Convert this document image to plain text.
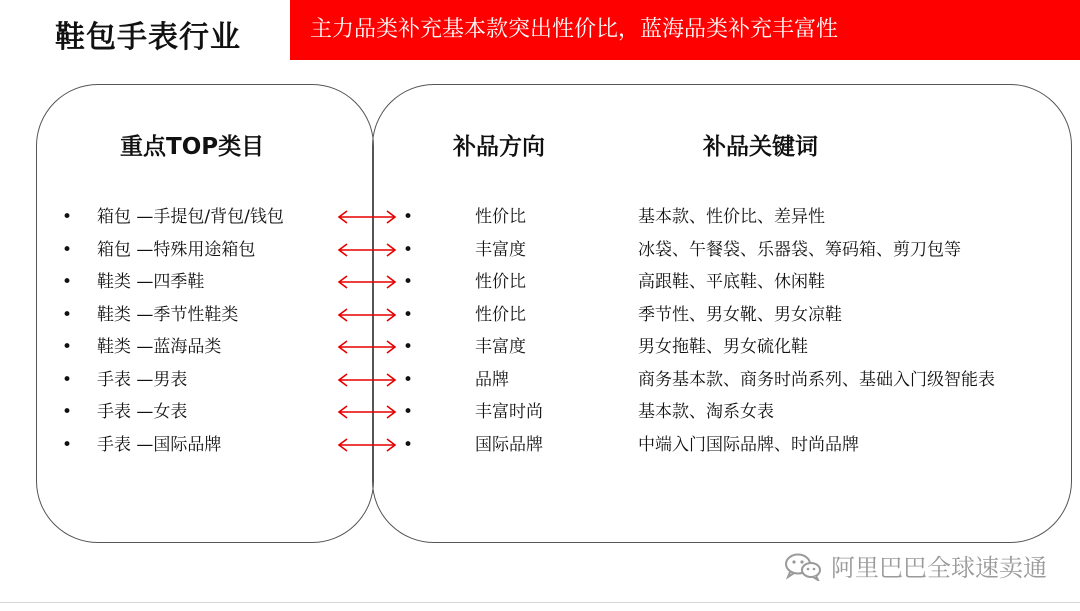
鞋包手表行业	主力品类补充基本款突出性价比，蓝海品类补充丰富性
重点TOP类目	补品方向	补品关键词
• 箱包 —手提包/背包/钱包	•	性价比	基本款、性价比、差异性
• 箱包 —特殊用途箱包	•	丰富度	冰袋、午餐袋、乐器袋、筹码箱、剪刀包等
• 鞋类 —四季鞋	•	性价比	高跟鞋、平底鞋、休闲鞋
• 鞋类 —季节性鞋类	•	性价比	季节性、男女靴、男女凉鞋
• 鞋类 —蓝海品类	•	丰富度	男女拖鞋、男女硫化鞋
• 手表 —男表	•	品牌	商务基本款、商务时尚系列、基础入门级智能表
• 手表 —女表	•	丰富时尚	基本款、淘系女表
• 手表 —国际品牌	•	国际品牌	中端入门国际品牌、时尚品牌
阿里巴巴全球速卖通
